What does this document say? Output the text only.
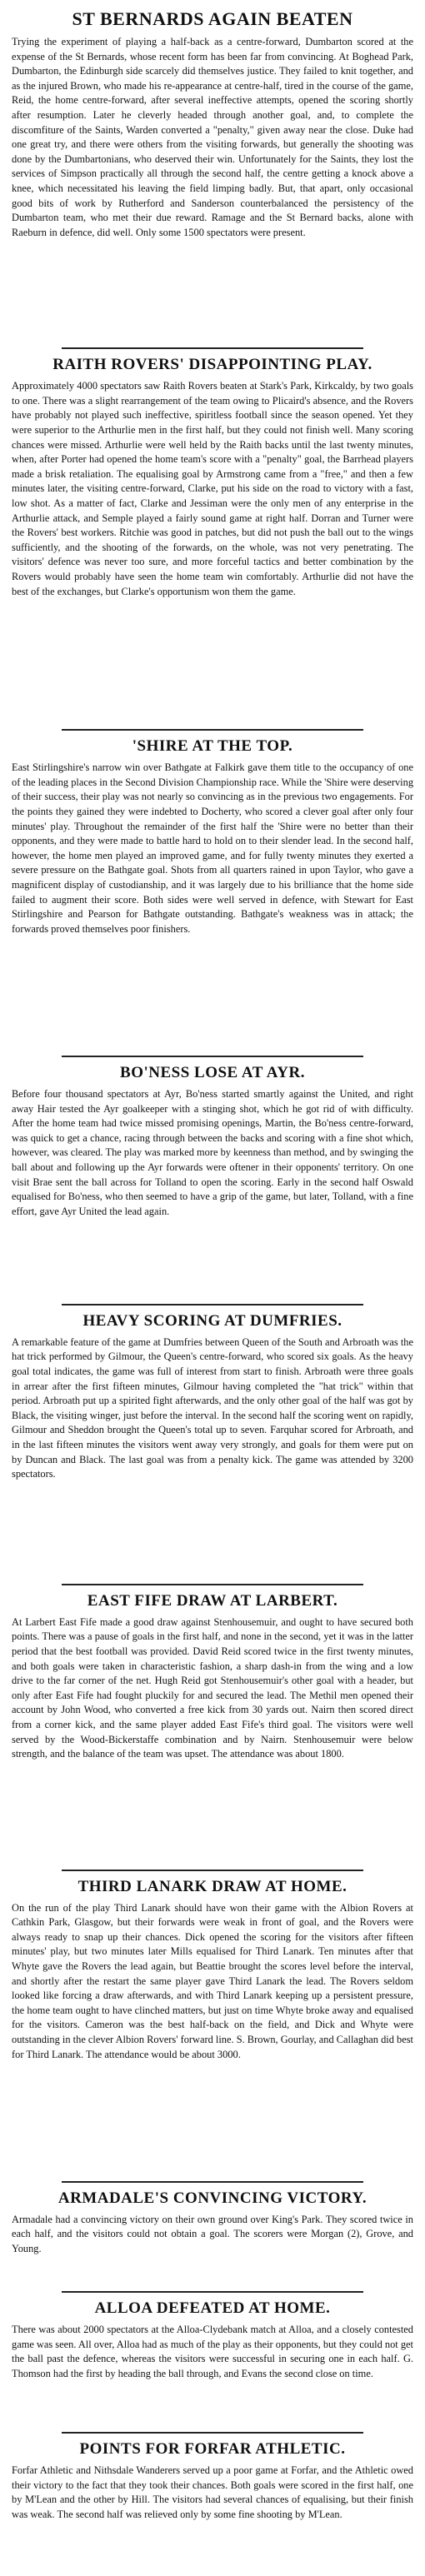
ST BERNARDS AGAIN BEATEN

Trying the experiment of playing a half-back as a centre-forward, Dumbarton scored at the expense of the St Bernards, whose recent form has been far from convincing. At Boghead Park, Dumbarton, the Edinburgh side scarcely did themselves justice. They failed to knit together, and as the injured Brown, who made his re-appearance at centre-half, tired in the course of the game, Reid, the home centre-forward, after several ineffective attempts, opened the scoring shortly after resumption. Later he cleverly headed through another goal, and, to complete the discomfiture of the Saints, Warden converted a "penalty," given away near the close. Duke had one great try, and there were others from the visiting forwards, but generally the shooting was done by the Dumbartonians, who deserved their win. Unfortunately for the Saints, they lost the services of Simpson practically all through the second half, the centre getting a knock above a knee, which necessitated his leaving the field limping badly. But, that apart, only occasional good bits of work by Rutherford and Sanderson counterbalanced the persistency of the Dumbarton team, who met their due reward. Ramage and the St Bernard backs, alone with Raeburn in defence, did well. Only some 1500 spectators were present.

RAITH ROVERS' DISAPPOINTING PLAY.

Approximately 4000 spectators saw Raith Rovers beaten at Stark's Park, Kirkcaldy, by two goals to one. There was a slight rearrangement of the team owing to Plicaird's absence, and the Rovers have probably not played such ineffective, spiritless football since the season opened. Yet they were superior to the Arthurlie men in the first half, but they could not finish well. Many scoring chances were missed. Arthurlie were well held by the Raith backs until the last twenty minutes, when, after Porter had opened the home team's score with a "penalty" goal, the Barrhead players made a brisk retaliation. The equalising goal by Armstrong came from a "free," and then a few minutes later, the visiting centre-forward, Clarke, put his side on the road to victory with a fast, low shot. As a matter of fact, Clarke and Jessiman were the only men of any enterprise in the Arthurlie attack, and Semple played a fairly sound game at right half. Dorran and Turner were the Rovers' best workers. Ritchie was good in patches, but did not push the ball out to the wings sufficiently, and the shooting of the forwards, on the whole, was not very penetrating. The visitors' defence was never too sure, and more forceful tactics and better combination by the Rovers would probably have seen the home team win comfortably. Arthurlie did not have the best of the exchanges, but Clarke's opportunism won them the game.

'SHIRE AT THE TOP.

East Stirlingshire's narrow win over Bathgate at Falkirk gave them title to the occupancy of one of the leading places in the Second Division Championship race. While the 'Shire were deserving of their success, their play was not nearly so convincing as in the previous two engagements. For the points they gained they were indebted to Docherty, who scored a clever goal after only four minutes' play. Throughout the remainder of the first half the 'Shire were no better than their opponents, and they were made to battle hard to hold on to their slender lead. In the second half, however, the home men played an improved game, and for fully twenty minutes they exerted a severe pressure on the Bathgate goal. Shots from all quarters rained in upon Taylor, who gave a magnificent display of custodianship, and it was largely due to his brilliance that the home side failed to augment their score. Both sides were well served in defence, with Stewart for East Stirlingshire and Pearson for Bathgate outstanding. Bathgate's weakness was in attack; the forwards proved themselves poor finishers.

BO'NESS LOSE AT AYR.

Before four thousand spectators at Ayr, Bo'ness started smartly against the United, and right away Hair tested the Ayr goalkeeper with a stinging shot, which he got rid of with difficulty. After the home team had twice missed promising openings, Martin, the Bo'ness centre-forward, was quick to get a chance, racing through between the backs and scoring with a fine shot which, however, was cleared. The play was marked more by keenness than method, and by swinging the ball about and following up the Ayr forwards were oftener in their opponents' territory. On one visit Brae sent the ball across for Tolland to open the scoring. Early in the second half Oswald equalised for Bo'ness, who then seemed to have a grip of the game, but later, Tolland, with a fine effort, gave Ayr United the lead again.

HEAVY SCORING AT DUMFRIES.

A remarkable feature of the game at Dumfries between Queen of the South and Arbroath was the hat trick performed by Gilmour, the Queen's centre-forward, who scored six goals. As the heavy goal total indicates, the game was full of interest from start to finish. Arbroath were three goals in arrear after the first fifteen minutes, Gilmour having completed the "hat trick" within that period. Arbroath put up a spirited fight afterwards, and the only other goal of the half was got by Black, the visiting winger, just before the interval. In the second half the scoring went on rapidly, Gilmour and Sheddon brought the Queen's total up to seven. Farquhar scored for Arbroath, and in the last fifteen minutes the visitors went away very strongly, and goals for them were put on by Duncan and Black. The last goal was from a penalty kick. The game was attended by 3200 spectators.

EAST FIFE DRAW AT LARBERT.

At Larbert East Fife made a good draw against Stenhousemuir, and ought to have secured both points. There was a pause of goals in the first half, and none in the second, yet it was in the latter period that the best football was provided. David Reid scored twice in the first twenty minutes, and both goals were taken in characteristic fashion, a sharp dash-in from the wing and a low drive to the far corner of the net. Hugh Reid got Stenhousemuir's other goal with a header, but only after East Fife had fought pluckily for and secured the lead. The Methil men opened their account by John Wood, who converted a free kick from 30 yards out. Nairn then scored direct from a corner kick, and the same player added East Fife's third goal. The visitors were well served by the Wood-Bickerstaffe combination and by Nairn. Stenhousemuir were below strength, and the balance of the team was upset. The attendance was about 1800.

THIRD LANARK DRAW AT HOME.

On the run of the play Third Lanark should have won their game with the Albion Rovers at Cathkin Park, Glasgow, but their forwards were weak in front of goal, and the Rovers were always ready to snap up their chances. Dick opened the scoring for the visitors after fifteen minutes' play, but two minutes later Mills equalised for Third Lanark. Ten minutes after that Whyte gave the Rovers the lead again, but Beattie brought the scores level before the interval, and shortly after the restart the same player gave Third Lanark the lead. The Rovers seldom looked like forcing a draw afterwards, and with Third Lanark keeping up a persistent pressure, the home team ought to have clinched matters, but just on time Whyte broke away and equalised for the visitors. Cameron was the best half-back on the field, and Dick and Whyte were outstanding in the clever Albion Rovers' forward line. S. Brown, Gourlay, and Callaghan did best for Third Lanark. The attendance would be about 3000.

ARMADALE'S CONVINCING VICTORY.

Armadale had a convincing victory on their own ground over King's Park. They scored twice in each half, and the visitors could not obtain a goal. The scorers were Morgan (2), Grove, and Young.

ALLOA DEFEATED AT HOME.

There was about 2000 spectators at the Alloa-Clydebank match at Alloa, and a closely contested game was seen. All over, Alloa had as much of the play as their opponents, but they could not get the ball past the defence, whereas the visitors were successful in securing one in each half. G. Thomson had the first by heading the ball through, and Evans the second close on time.

POINTS FOR FORFAR ATHLETIC.

Forfar Athletic and Nithsdale Wanderers served up a poor game at Forfar, and the Athletic owed their victory to the fact that they took their chances. Both goals were scored in the first half, one by M'Lean and the other by Hill. The visitors had several chances of equalising, but their finish was weak. The second half was relieved only by some fine shooting by M'Lean.
